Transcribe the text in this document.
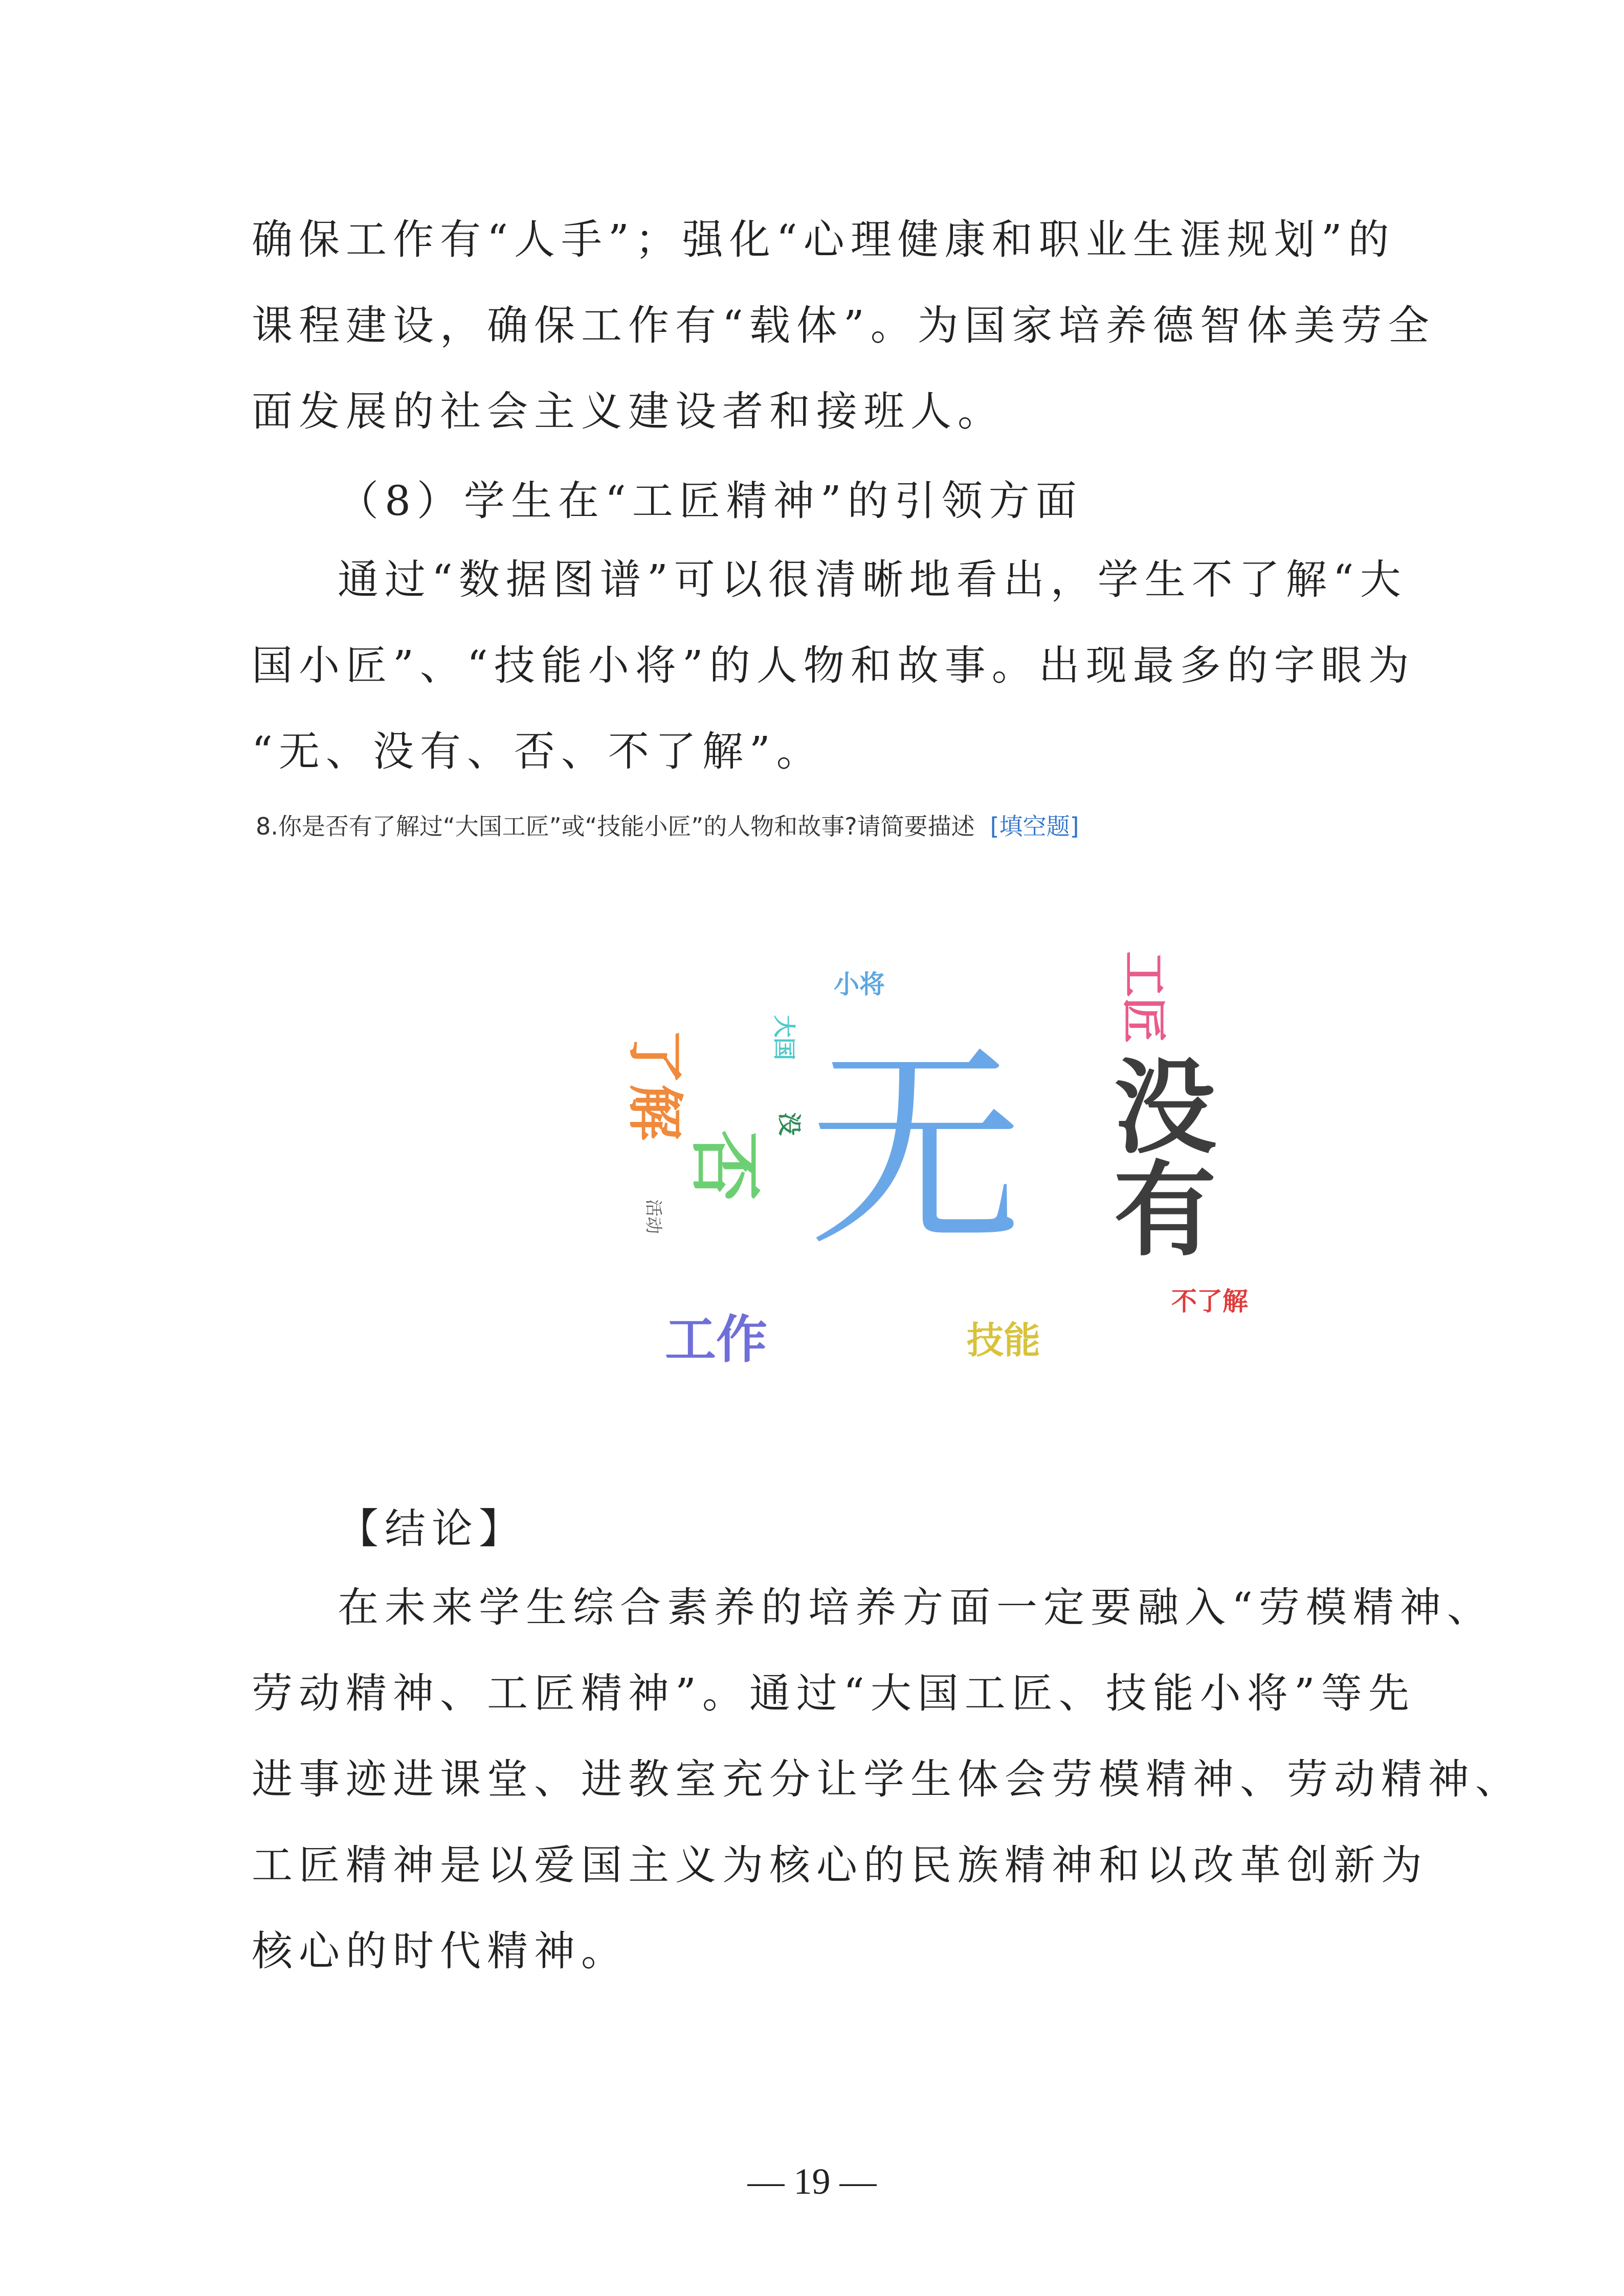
确保工作有“人手”；强化“心理健康和职业生涯规划”的
课程建设，确保工作有“载体”。为国家培养德智体美劳全
面发展的社会主义建设者和接班人。
（8）学生在“工匠精神”的引领方面
通过“数据图谱”可以很清晰地看出，学生不了解“大
国小匠”、“技能小将”的人物和故事。出现最多的字眼为
“无、没有、否、不了解”。
8.你是否有了解过“大国工匠”或“技能小匠”的人物和故事?请简要描述 [填空题]
无 没有
否
了解
工作	技能
工匠
小将
大国
不了解
没
活动
【结论】
在未来学生综合素养的培养方面一定要融入“劳模精神、
劳动精神、工匠精神”。通过“大国工匠、技能小将”等先
进事迹进课堂、进教室充分让学生体会劳模精神、劳动精神、
工匠精神是以爱国主义为核心的民族精神和以改革创新为
核心的时代精神。
— 19 —
